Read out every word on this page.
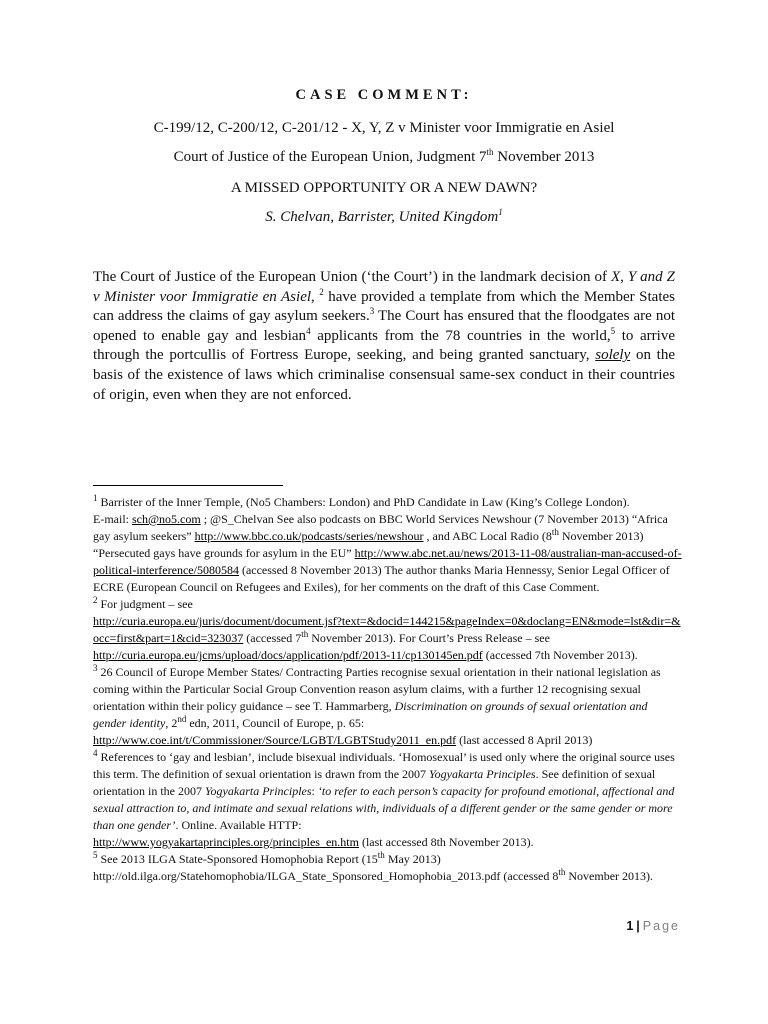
CASE COMMENT:
C-199/12, C-200/12, C-201/12 - X, Y, Z v Minister voor Immigratie en Asiel
Court of Justice of the European Union, Judgment 7th November 2013
A MISSED OPPORTUNITY OR A NEW DAWN?
S. Chelvan, Barrister, United Kingdom$^1$
The Court of Justice of the European Union (‘the Court’) in the landmark decision of X, Y and Z v Minister voor Immigratie en Asiel, $^2$ have provided a template from which the Member States can address the claims of gay asylum seekers.$^3$ The Court has ensured that the floodgates are not opened to enable gay and lesbian$^4$ applicants from the 78 countries in the world,$^5$ to arrive through the portcullis of Fortress Europe, seeking, and being granted sanctuary, solely on the basis of the existence of laws which criminalise consensual same-sex conduct in their countries of origin, even when they are not enforced.

$^1$ Barrister of the Inner Temple, (No5 Chambers: London) and PhD Candidate in Law (King’s College London).
E-mail: sch@no5.com ; @S_Chelvan See also podcasts on BBC World Services Newshour (7 November 2013) “Africa gay asylum seekers” http://www.bbc.co.uk/podcasts/series/newshour , and ABC Local Radio (8th November 2013) “Persecuted gays have grounds for asylum in the EU” http://www.abc.net.au/news/2013-11-08/australian-man-accused-of-political-interference/5080584 (accessed 8 November 2013) The author thanks Maria Hennessy, Senior Legal Officer of ECRE (European Council on Refugees and Exiles), for her comments on the draft of this Case Comment.

$^2$ For judgment – see
http://curia.europa.eu/juris/document/document.jsf?text=&docid=144215&pageIndex=0&doclang=EN&mode=lst&dir=&occ=first&part=1&cid=323037 (accessed 7th November 2013). For Court’s Press Release – see http://curia.europa.eu/jcms/upload/docs/application/pdf/2013-11/cp130145en.pdf (accessed 7th November 2013).

$^3$ 26 Council of Europe Member States/ Contracting Parties recognise sexual orientation in their national legislation as coming within the Particular Social Group Convention reason asylum claims, with a further 12 recognising sexual orientation within their policy guidance – see T. Hammarberg, Discrimination on grounds of sexual orientation and gender identity, 2nd edn, 2011, Council of Europe, p. 65:
http://www.coe.int/t/Commissioner/Source/LGBT/LGBTStudy2011_en.pdf (last accessed 8 April 2013)

$^4$ References to ‘gay and lesbian’, include bisexual individuals. ‘Homosexual’ is used only where the original source uses this term. The definition of sexual orientation is drawn from the 2007 Yogyakarta Principles. See definition of sexual orientation in the 2007 Yogyakarta Principles: ‘to refer to each person’s capacity for profound emotional, affectional and sexual attraction to, and intimate and sexual relations with, individuals of a different gender or the same gender or more than one gender’. Online. Available HTTP:
http://www.yogyakartaprinciples.org/principles_en.htm (last accessed 8th November 2013).

$^5$ See 2013 ILGA State-Sponsored Homophobia Report (15th May 2013)
http://old.ilga.org/Statehomophobia/ILGA_State_Sponsored_Homophobia_2013.pdf (accessed 8th November 2013).

1 | Page
